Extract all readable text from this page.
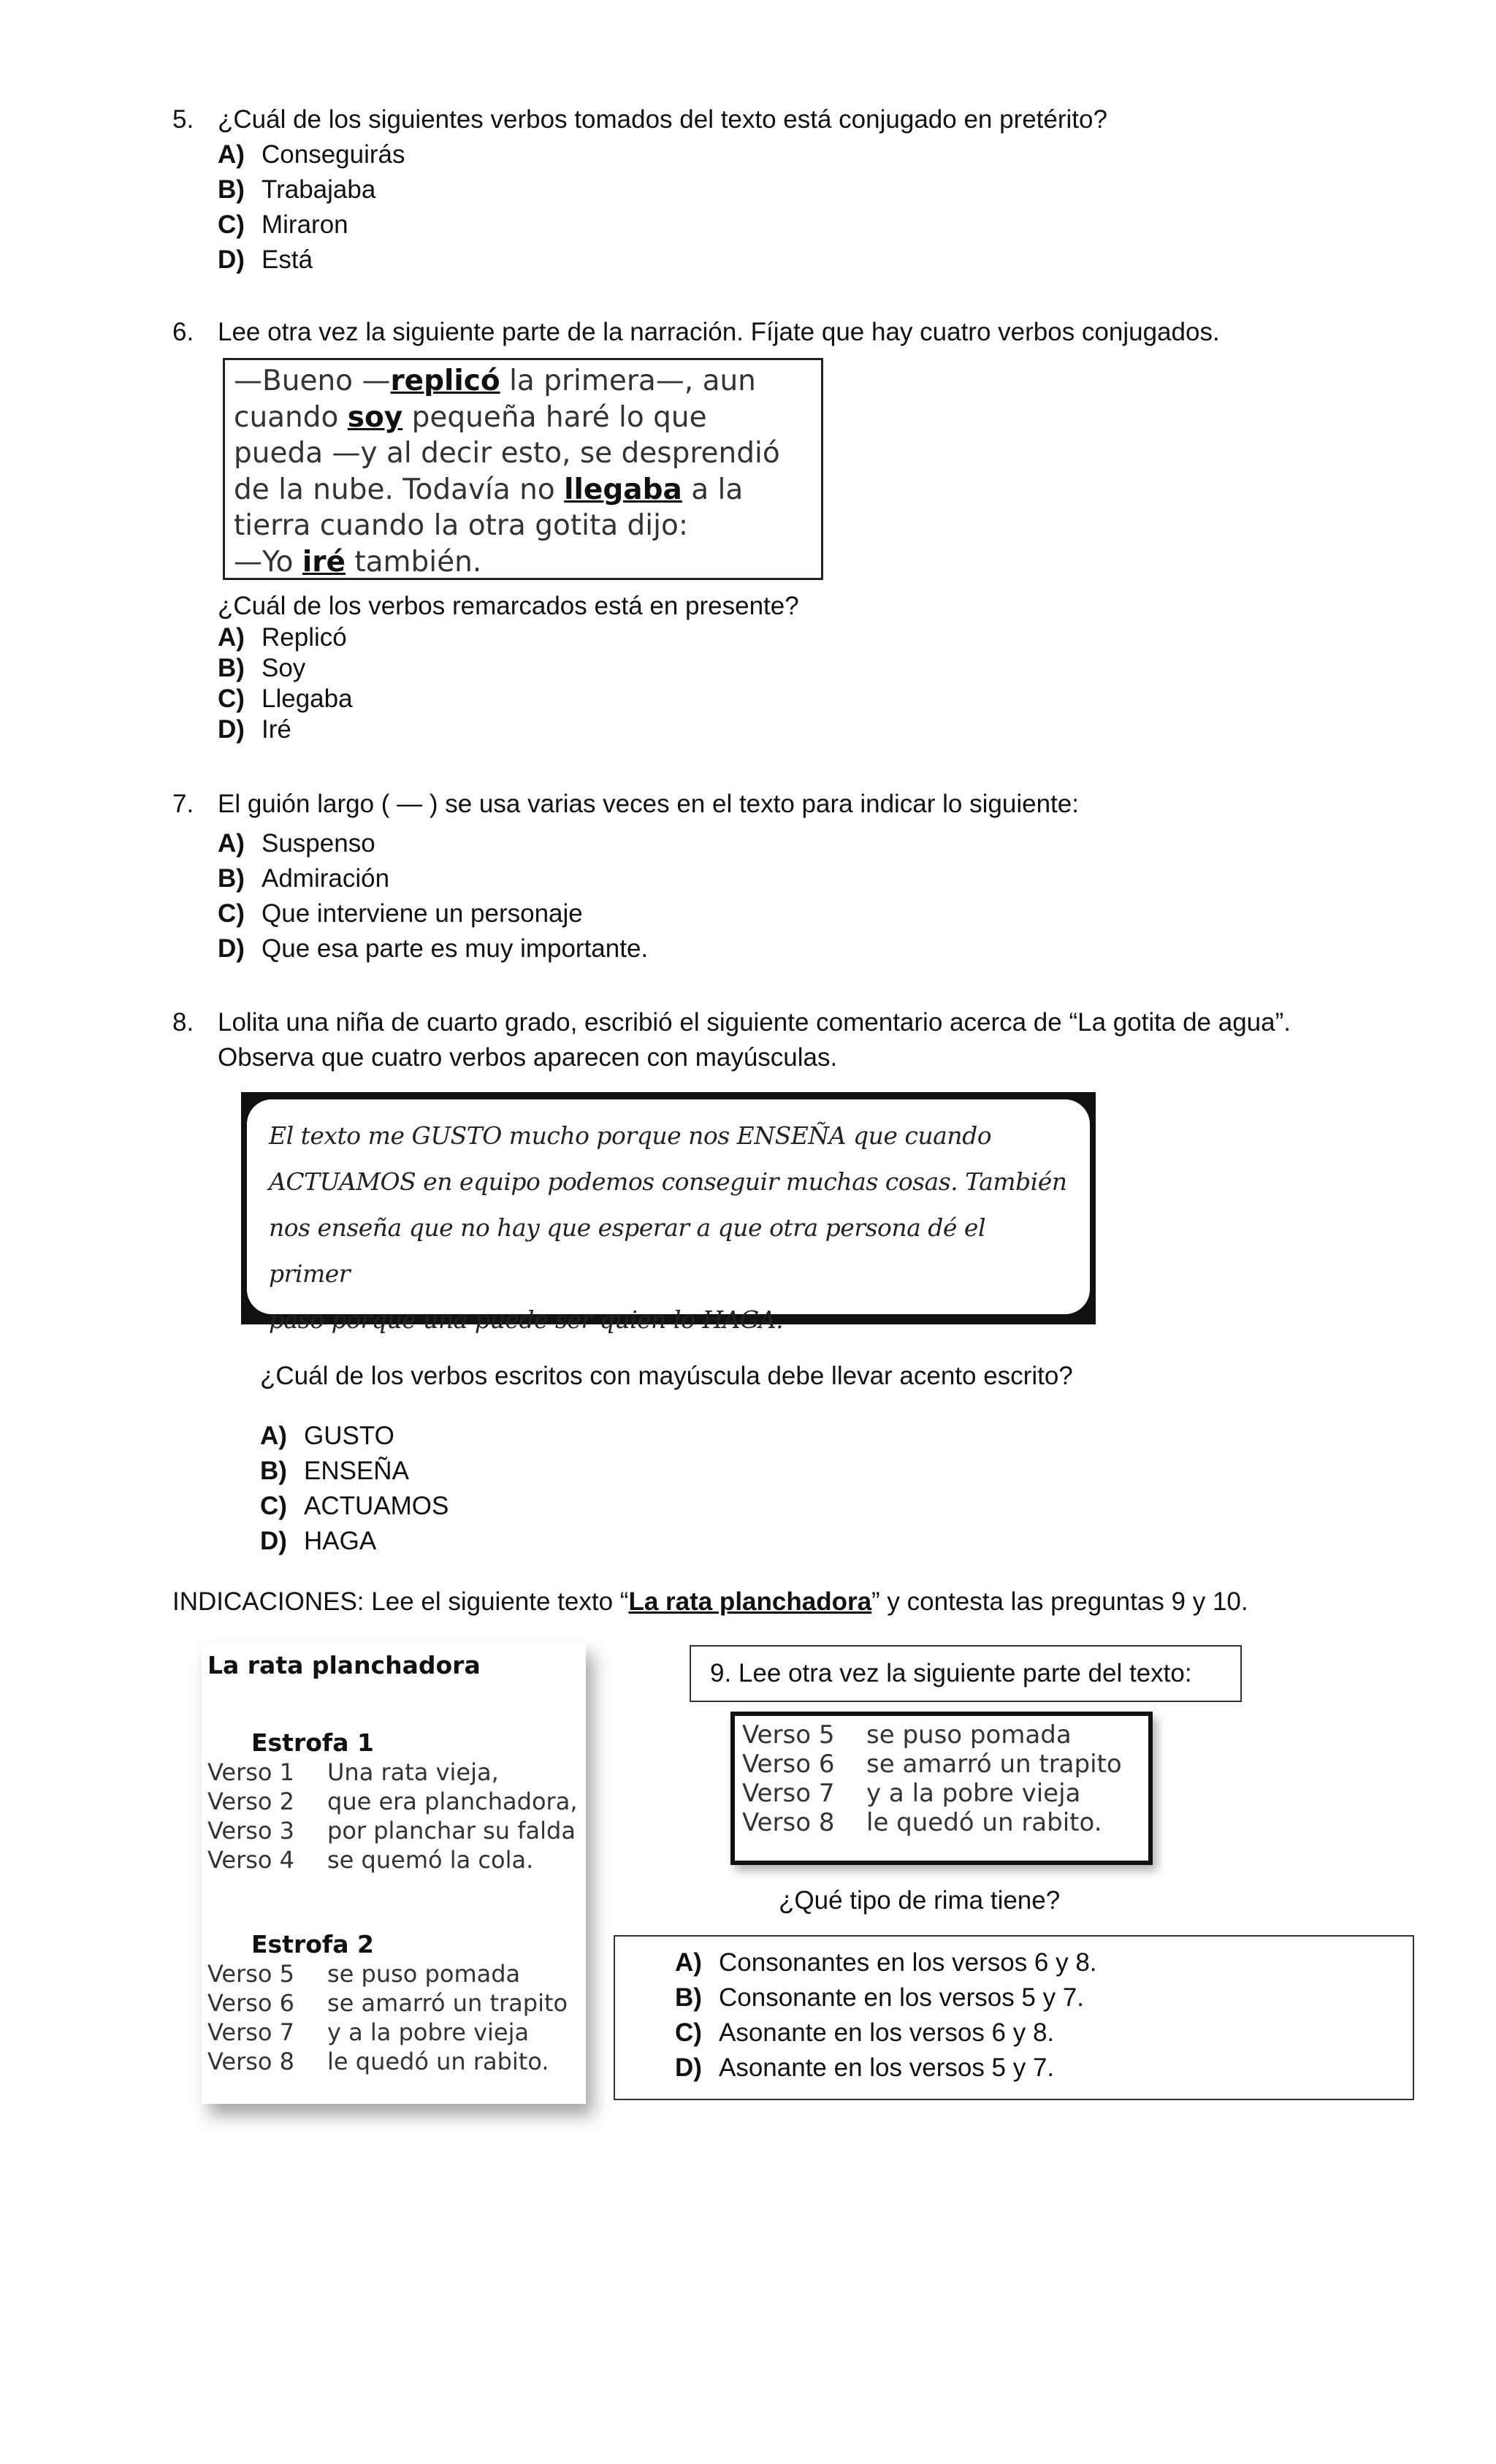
5. ¿Cuál de los siguientes verbos tomados del texto está conjugado en pretérito?
A) Conseguirás
B) Trabajaba
C) Miraron
D) Está
6. Lee otra vez la siguiente parte de la narración. Fíjate que hay cuatro verbos conjugados.
—Bueno —replicó la primera—, aun
cuando soy pequeña haré lo que
pueda —y al decir esto, se desprendió
de la nube. Todavía no llegaba a la
tierra cuando la otra gotita dijo:
—Yo iré también.
¿Cuál de los verbos remarcados está en presente?
A) Replicó
B) Soy
C) Llegaba
D) Iré
7. El guión largo ( — ) se usa varias veces en el texto para indicar lo siguiente:
A) Suspenso
B) Admiración
C) Que interviene un personaje
D) Que esa parte es muy importante.
8. Lolita una niña de cuarto grado, escribió el siguiente comentario acerca de “La gotita de agua”.
Observa que cuatro verbos aparecen con mayúsculas.
El texto me GUSTO mucho porque nos ENSEÑA que cuando
ACTUAMOS en equipo podemos conseguir muchas cosas. También
nos enseña que no hay que esperar a que otra persona dé el primer
paso porque una puede ser quien lo HAGA.
¿Cuál de los verbos escritos con mayúscula debe llevar acento escrito?
A) GUSTO
B) ENSEÑA
C) ACTUAMOS
D) HAGA
INDICACIONES: Lee el siguiente texto “La rata planchadora” y contesta las preguntas 9 y 10.
La rata planchadora
Estrofa 1
Verso 1 Una rata vieja,
Verso 2 que era planchadora,
Verso 3 por planchar su falda
Verso 4 se quemó la cola.
Estrofa 2
Verso 5 se puso pomada
Verso 6 se amarró un trapito
Verso 7 y a la pobre vieja
Verso 8 le quedó un rabito.
9. Lee otra vez la siguiente parte del texto:
Verso 5 se puso pomada
Verso 6 se amarró un trapito
Verso 7 y a la pobre vieja
Verso 8 le quedó un rabito.
¿Qué tipo de rima tiene?
A) Consonantes en los versos 6 y 8.
B) Consonante en los versos 5 y 7.
C) Asonante en los versos 6 y 8.
D) Asonante en los versos 5 y 7.
